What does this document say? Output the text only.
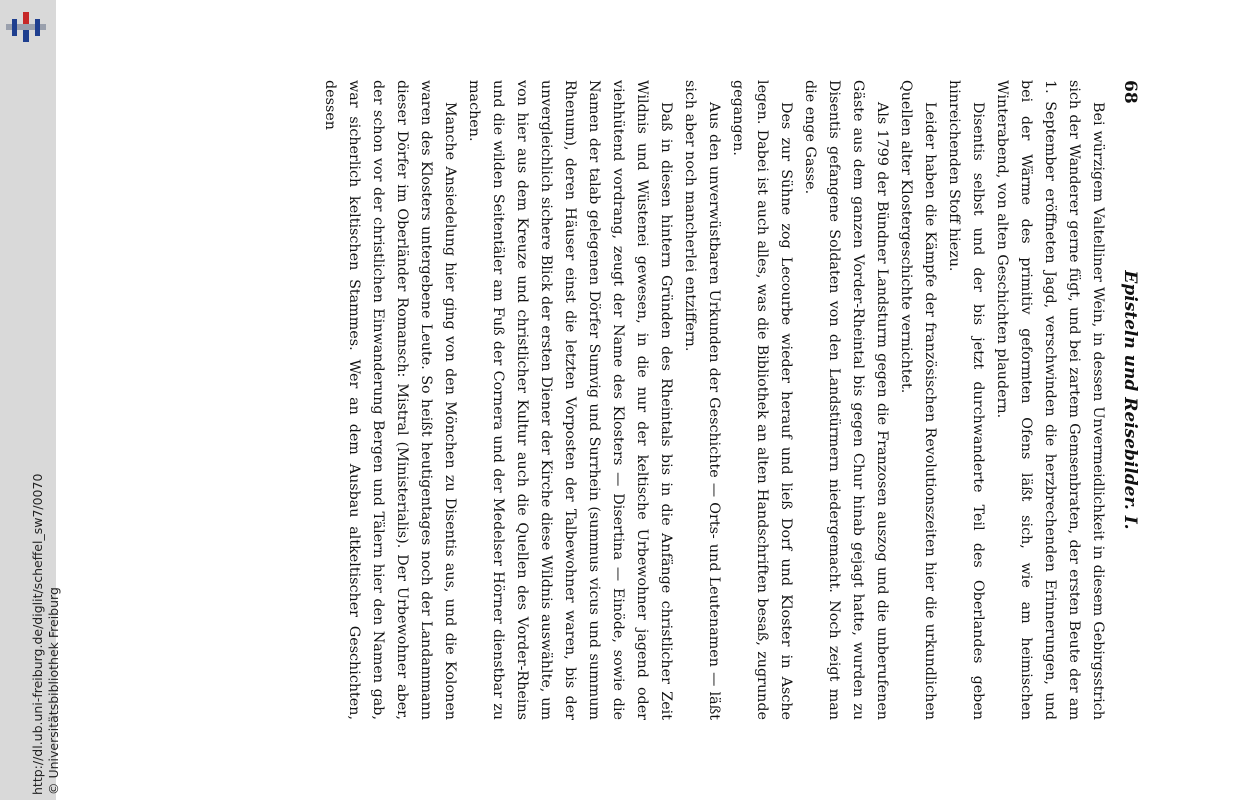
http://dl.ub.uni-freiburg.de/diglit/scheffel_sw7/0070 © Universitätsbibliothek Freiburg
68
Episteln und Reisebilder. I.

Bei würzigem Valtelliner Wein, in dessen Unvermeidlichkeit in diesem Gebirgsstrich sich der Wanderer gerne fügt, und bei zartem Gemsenbraten, der ersten Beute der am 1. September eröffneten Jagd, verschwinden die herzbrechenden Erinnerungen, und bei der Wärme des primitiv geformten Ofens läßt sich, wie am heimischen Winterabend, von alten Geschichten plaudern.

Disentis selbst und der bis jetzt durchwanderte Teil des Oberlandes geben hinreichenden Stoff hiezu.

Leider haben die Kämpfe der französischen Revolutionszeiten hier die urkundlichen Quellen alter Klostergeschichte vernichtet.

Als 1799 der Bündner Landsturm gegen die Franzosen auszog und die unberufenen Gäste aus dem ganzen Vorder-Rheintal bis gegen Chur hinab gejagt hatte, wurden zu Disentis gefangene Soldaten von den Landstürmern niedergemacht. Noch zeigt man die enge Gasse.

Des zur Sühne zog Lecourbe wieder herauf und ließ Dorf und Kloster in Asche legen. Dabei ist auch alles, was die Bibliothek an alten Handschriften besaß, zugrunde gegangen.

Aus den unverwüstbaren Urkunden der Geschichte — Orts- und Leutenamen — läßt sich aber noch mancherlei entziffern.

Daß in diesen hintern Gründen des Rheintals bis in die Anfänge christlicher Zeit Wildnis und Wüstenei gewesen, in die nur der keltische Urbewohner jagend oder viehhütend vordrang, zeugt der Name des Klosters — Disertina — Einöde, sowie die Namen der talab gelegenen Dörfer Sumvig und Surrhein (summus vicus und summum Rhenum), deren Häuser einst die letzten Vorposten der Talbewohner waren, bis der unvergleichlich sichere Blick der ersten Diener der Kirche diese Wildnis auswählte, um von hier aus dem Kreuze und christlicher Kultur auch die Quellen des Vorder-Rheins und die wilden Seitentäler am Fuß der Cornera und der Medelser Hörner dienstbar zu machen.

Manche Ansiedelung hier ging von den Mönchen zu Disentis aus, und die Kolonen waren des Klosters untergebene Leute. So heißt heutigentages noch der Landammann dieser Dörfer im Oberländer Romansch: Mistral (Ministerialis). Der Urbewohner aber, der schon vor der christlichen Einwanderung Bergen und Tälern hier den Namen gab, war sicherlich keltischen Stammes. Wer an dem Ausbau altkeltischer Geschichten, dessen
